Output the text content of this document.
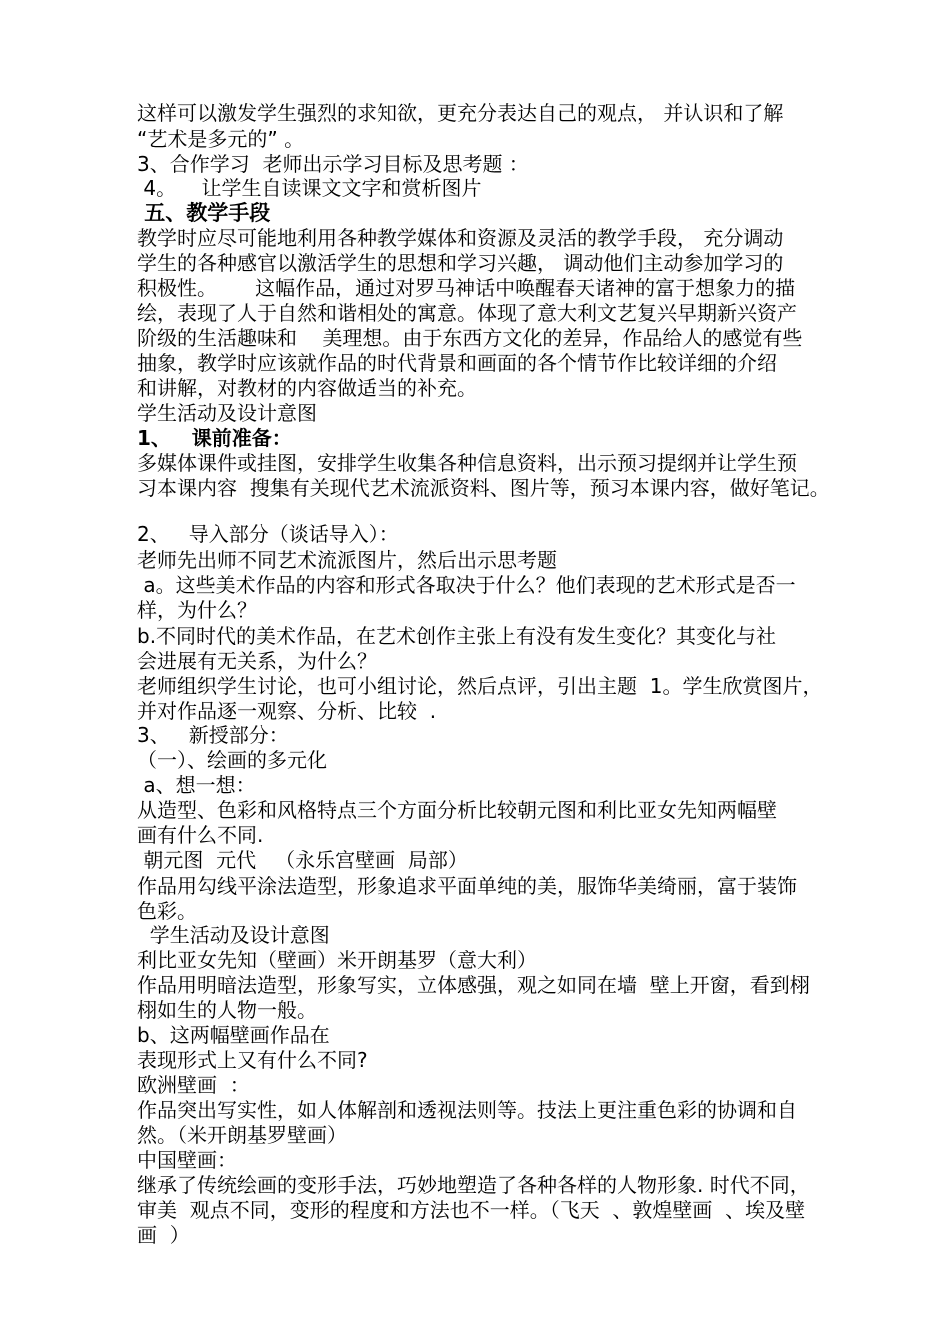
这样可以激发学生强烈的求知欲，更充分表达自己的观点， 并认识和了解

“艺术是多元的” 。

3、合作学习  老师出示学习目标及思考题 ：

4。    让学生自读课文文字和赏析图片

五、教学手段

教学时应尽可能地利用各种教学媒体和资源及灵活的教学手段， 充分调动

学生的各种感官以激活学生的思想和学习兴趣， 调动他们主动参加学习的

积极性。      这幅作品，通过对罗马神话中唤醒春天诸神的富于想象力的描

绘，表现了人于自然和谐相处的寓意。体现了意大利文艺复兴早期新兴资产

阶级的生活趣味和    美理想。由于东西方文化的差异，作品给人的感觉有些

抽象，教学时应该就作品的时代背景和画面的各个情节作比较详细的介绍

和讲解，对教材的内容做适当的补充。

学生活动及设计意图

1、   课前准备：

多媒体课件或挂图，安排学生收集各种信息资料，出示预习提纲并让学生预

习本课内容  搜集有关现代艺术流派资料、图片等，预习本课内容，做好笔记。

2、   导入部分（谈话导入）：

老师先出师不同艺术流派图片，然后出示思考题

a。这些美术作品的内容和形式各取决于什么？他们表现的艺术形式是否一

样，为什么？

b.不同时代的美术作品，在艺术创作主张上有没有发生变化？其变化与社

会进展有无关系，为什么？

老师组织学生讨论，也可小组讨论，然后点评，引出主题  1。学生欣赏图片，

并对作品逐一观察、分析、比较  .

3、   新授部分：

（一）、绘画的多元化

a、想一想：

从造型、色彩和风格特点三个方面分析比较朝元图和利比亚女先知两幅壁

画有什么不同.

朝元图  元代   （永乐宫壁画  局部）

作品用勾线平涂法造型，形象追求平面单纯的美，服饰华美绮丽，富于装饰

色彩。

学生活动及设计意图

利比亚女先知（壁画）米开朗基罗（意大利）

作品用明暗法造型，形象写实，立体感强，观之如同在墙  壁上开窗，看到栩

栩如生的人物一般。

b、这两幅壁画作品在

表现形式上又有什么不同?

欧洲壁画  ：

作品突出写实性，如人体解剖和透视法则等。技法上更注重色彩的协调和自

然。（米开朗基罗壁画）

中国壁画：

继承了传统绘画的变形手法，巧妙地塑造了各种各样的人物形象. 时代不同，

审美  观点不同，变形的程度和方法也不一样。（飞天  、敦煌壁画  、埃及壁

画  ）
